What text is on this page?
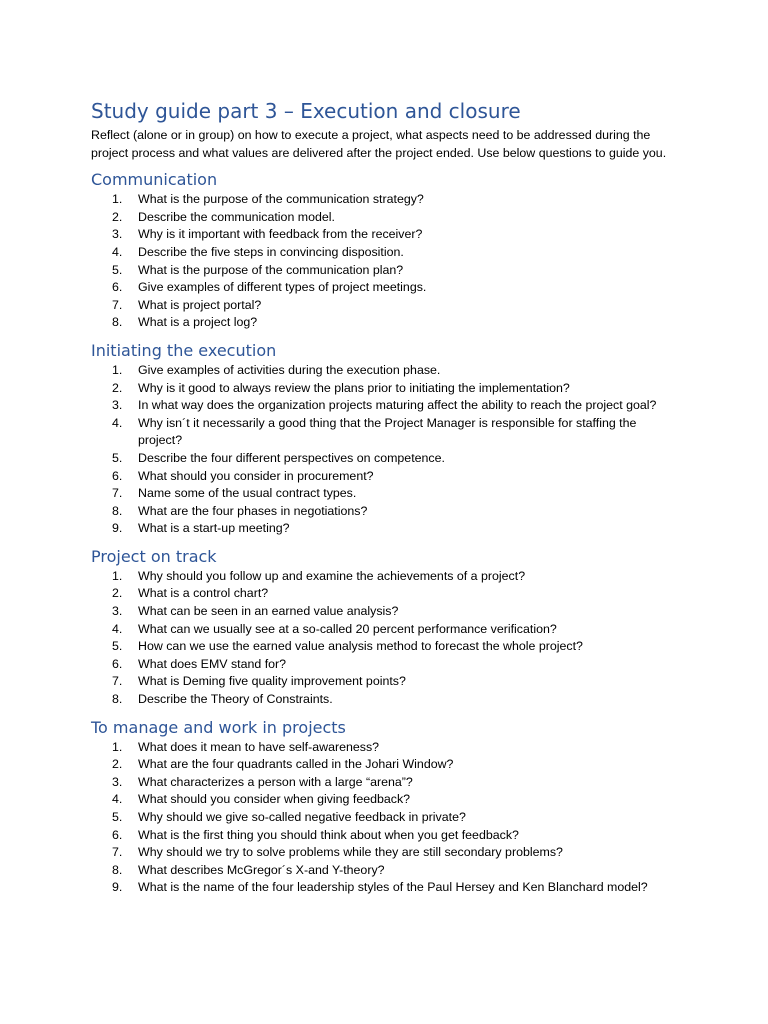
Study guide part 3 – Execution and closure

Reflect (alone or in group) on how to execute a project, what aspects need to be addressed during the project process and what values are delivered after the project ended. Use below questions to guide you.

Communication
1. What is the purpose of the communication strategy?
2. Describe the communication model.
3. Why is it important with feedback from the receiver?
4. Describe the five steps in convincing disposition.
5. What is the purpose of the communication plan?
6. Give examples of different types of project meetings.
7. What is project portal?
8. What is a project log?
Initiating the execution
1. Give examples of activities during the execution phase.
2. Why is it good to always review the plans prior to initiating the implementation?
3. In what way does the organization projects maturing affect the ability to reach the project goal?
4. Why isn´t it necessarily a good thing that the Project Manager is responsible for staffing the project?
5. Describe the four different perspectives on competence.
6. What should you consider in procurement?
7. Name some of the usual contract types.
8. What are the four phases in negotiations?
9. What is a start-up meeting?
Project on track
1. Why should you follow up and examine the achievements of a project?
2. What is a control chart?
3. What can be seen in an earned value analysis?
4. What can we usually see at a so-called 20 percent performance verification?
5. How can we use the earned value analysis method to forecast the whole project?
6. What does EMV stand for?
7. What is Deming five quality improvement points?
8. Describe the Theory of Constraints.
To manage and work in projects
1. What does it mean to have self-awareness?
2. What are the four quadrants called in the Johari Window?
3. What characterizes a person with a large “arena”?
4. What should you consider when giving feedback?
5. Why should we give so-called negative feedback in private?
6. What is the first thing you should think about when you get feedback?
7. Why should we try to solve problems while they are still secondary problems?
8. What describes McGregor´s X-and Y-theory?
9. What is the name of the four leadership styles of the Paul Hersey and Ken Blanchard model?
